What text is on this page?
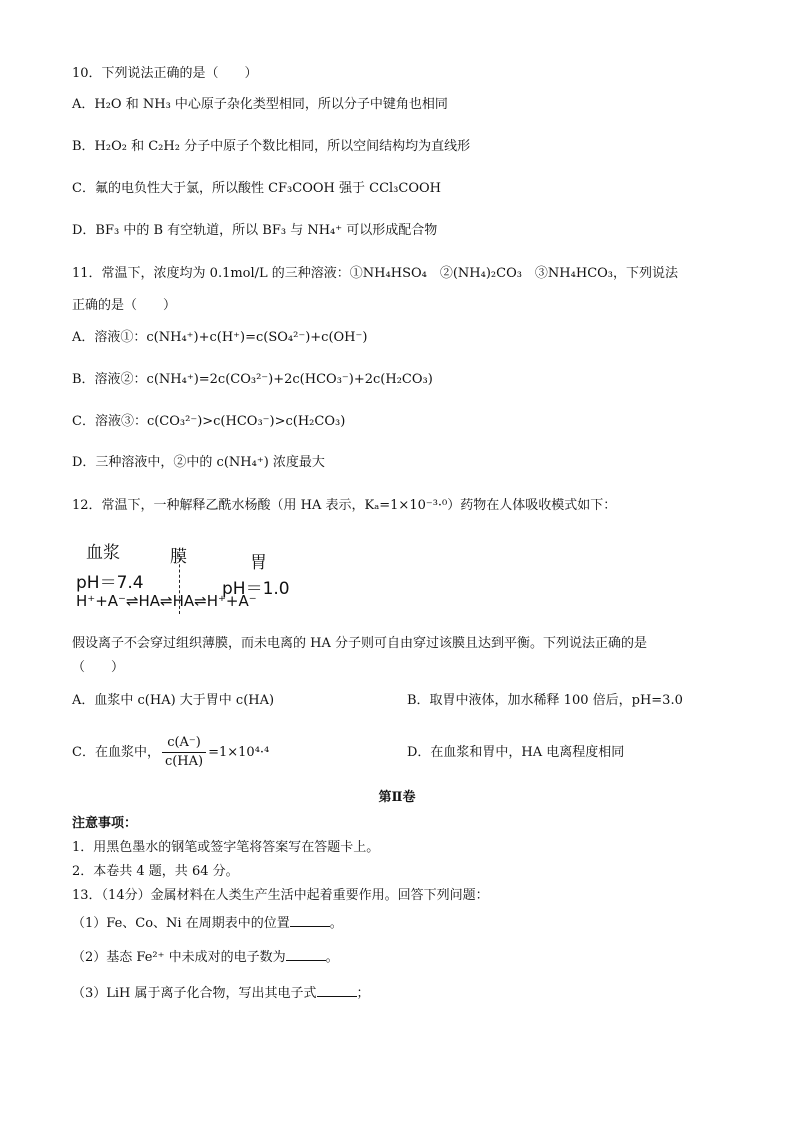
10．下列说法正确的是（　　）
A．H₂O 和 NH₃ 中心原子杂化类型相同，所以分子中键角也相同
B．H₂O₂ 和 C₂H₂ 分子中原子个数比相同，所以空间结构均为直线形
C．氟的电负性大于氯，所以酸性 CF₃COOH 强于 CCl₃COOH
D．BF₃ 中的 B 有空轨道，所以 BF₃ 与 NH₄⁺ 可以形成配合物
11．常温下，浓度均为 0.1mol/L 的三种溶液：①NH₄HSO₄　②(NH₄)₂CO₃　③NH₄HCO₃，下列说法
正确的是（　　）
A．溶液①：c(NH₄⁺)+c(H⁺)=c(SO₄²⁻)+c(OH⁻)
B．溶液②：c(NH₄⁺)=2c(CO₃²⁻)+2c(HCO₃⁻)+2c(H₂CO₃)
C．溶液③：c(CO₃²⁻)>c(HCO₃⁻)>c(H₂CO₃)
D．三种溶液中，②中的 c(NH₄⁺) 浓度最大
12．常温下，一种解释乙酰水杨酸（用 HA 表示，Kₐ=1×10⁻³·⁰）药物在人体吸收模式如下：
血浆	膜	胃
pH＝7.4	pH＝1.0
H⁺+A⁻⇌HA⇌HA⇌H⁺+A⁻
假设离子不会穿过组织薄膜，而未电离的 HA 分子则可自由穿过该膜且达到平衡。下列说法正确的是
（　　）
A．血浆中 c(HA) 大于胃中 c(HA)	B．取胃中液体，加水稀释 100 倍后，pH=3.0
C．在血浆中， $\frac{c(A^-)}{c(HA)} =1\times 10^4\cdot^4$	D．在血浆和胃中，HA 电离程度相同
第Ⅱ卷
注意事项：
1．用黑色墨水的钢笔或签字笔将答案写在答题卡上。
2．本卷共 4 题，共 64 分。
13．（14分）金属材料在人类生产生活中起着重要作用。回答下列问题：
（1）Fe、Co、Ni 在周期表中的位置	。
（2）基态 Fe²⁺ 中未成对的电子数为	。
（3）LiH 属于离子化合物，写出其电子式	；
